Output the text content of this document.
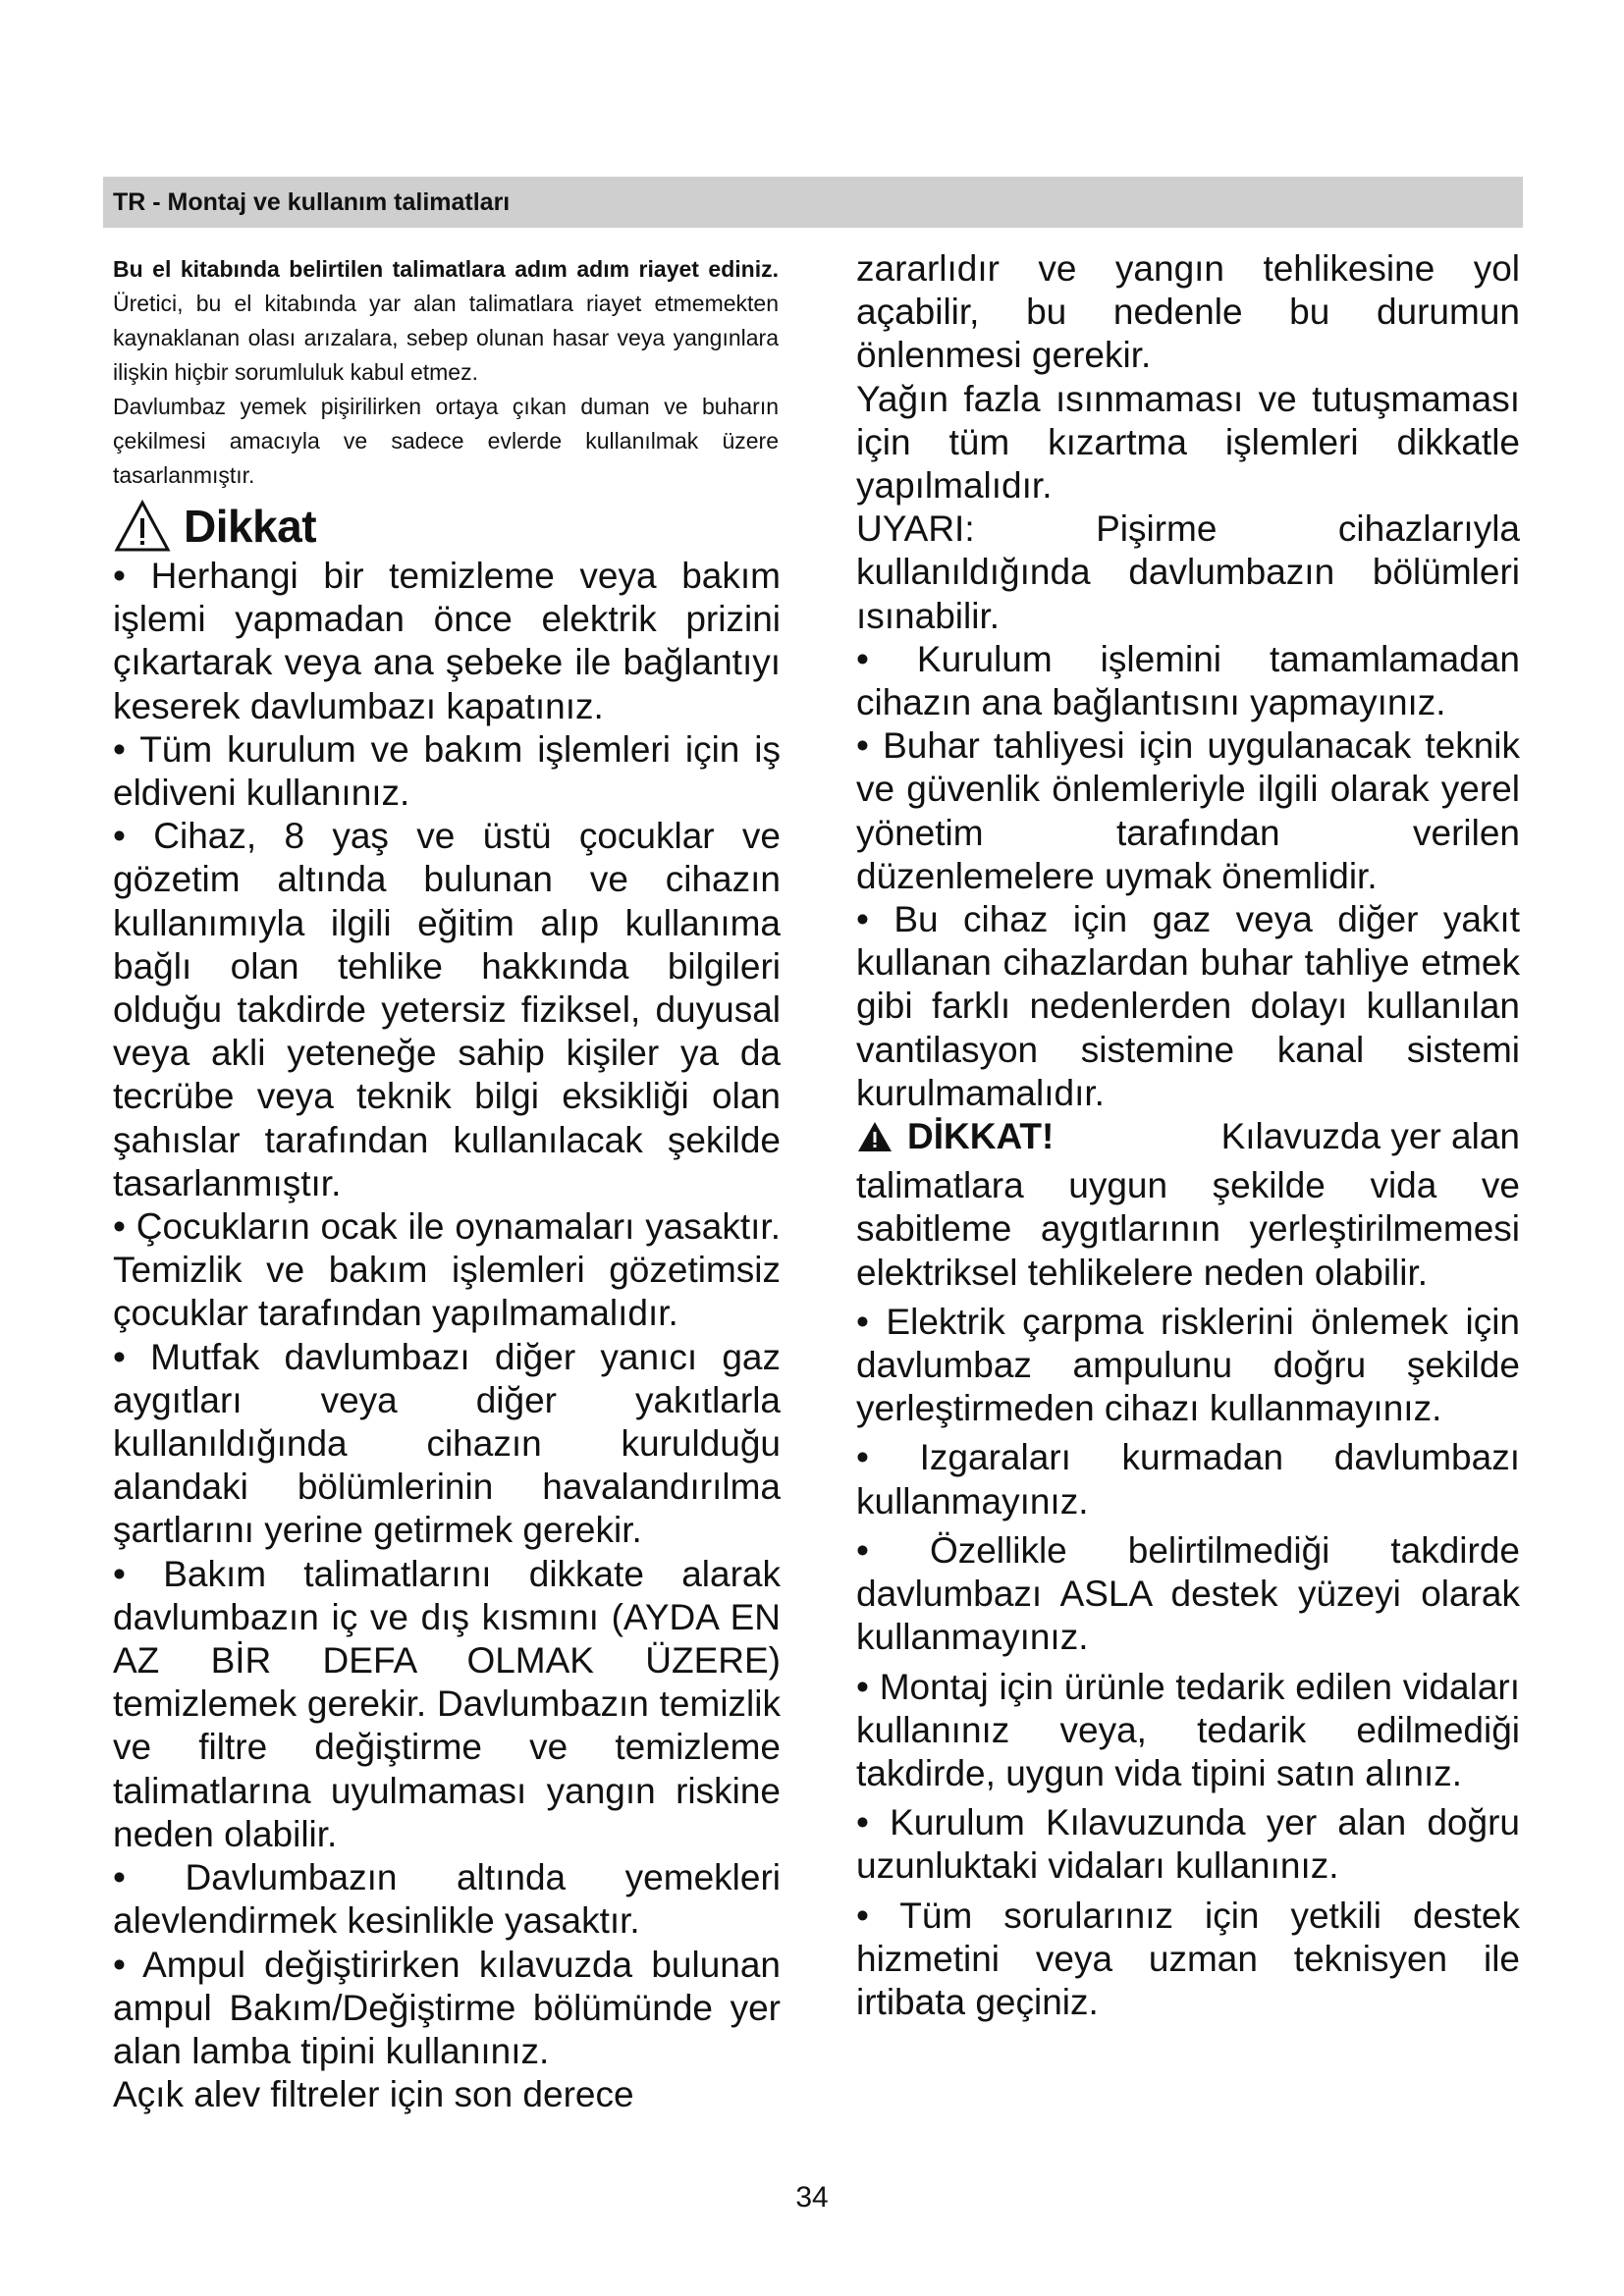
TR - Montaj ve kullanım talimatları

Bu el kitabında belirtilen talimatlara adım adım riayet ediniz. Üretici, bu el kitabında yar alan talimatlara riayet etmemekten kaynaklanan olası arızalara, sebep olunan hasar veya yangınlara ilişkin hiçbir sorumluluk kabul etmez.

Davlumbaz yemek pişirilirken ortaya çıkan duman ve buharın çekilmesi amacıyla ve sadece evlerde kullanılmak üzere tasarlanmıştır.

Dikkat

• Herhangi bir temizleme veya bakım işlemi yapmadan önce elektrik prizini çıkartarak veya ana şebeke ile bağlantıyı keserek davlumbazı kapatınız.

• Tüm kurulum ve bakım işlemleri için iş eldiveni kullanınız.

• Cihaz, 8 yaş ve üstü çocuklar ve gözetim altında bulunan ve cihazın kullanımıyla ilgili eğitim alıp kullanıma bağlı olan tehlike hakkında bilgileri olduğu takdirde yetersiz fiziksel, duyusal veya akli yeteneğe sahip kişiler ya da tecrübe veya teknik bilgi eksikliği olan şahıslar tarafından kullanılacak şekilde tasarlanmıştır.

• Çocukların ocak ile oynamaları yasaktır. Temizlik ve bakım işlemleri gözetimsiz çocuklar tarafından yapılmamalıdır.

• Mutfak davlumbazı diğer yanıcı gaz aygıtları veya diğer yakıtlarla kullanıldığında cihazın kurulduğu alandaki bölümlerinin havalandırılma şartlarını yerine getirmek gerekir.

• Bakım talimatlarını dikkate alarak davlumbazın iç ve dış kısmını (AYDA EN AZ BİR DEFA OLMAK ÜZERE) temizlemek gerekir. Davlumbazın temizlik ve filtre değiştirme ve temizleme talimatlarına uyulmaması yangın riskine neden olabilir.

• Davlumbazın altında yemekleri alevlendirmek kesinlikle yasaktır.

• Ampul değiştirirken kılavuzda bulunan ampul Bakım/Değiştirme bölümünde yer alan lamba tipini kullanınız.

Açık alev filtreler için son derece

zararlıdır ve yangın tehlikesine yol açabilir, bu nedenle bu durumun önlenmesi gerekir.

Yağın fazla ısınmaması ve tutuşmaması için tüm kızartma işlemleri dikkatle yapılmalıdır.

UYARI: Pişirme cihazlarıyla kullanıldığında davlumbazın bölümleri ısınabilir.

• Kurulum işlemini tamamlamadan cihazın ana bağlantısını yapmayınız.

• Buhar tahliyesi için uygulanacak teknik ve güvenlik önlemleriyle ilgili olarak yerel yönetim tarafından verilen düzenlemelere uymak önemlidir.

• Bu cihaz için gaz veya diğer yakıt kullanan cihazlardan buhar tahliye etmek gibi farklı nedenlerden dolayı kullanılan vantilasyon sistemine kanal sistemi kurulmamalıdır.

DİKKAT!	Kılavuzda yer alan

talimatlara uygun şekilde vida ve sabitleme aygıtlarının yerleştirilmemesi elektriksel tehlikelere neden olabilir.

• Elektrik çarpma risklerini önlemek için davlumbaz ampulunu doğru şekilde yerleştirmeden cihazı kullanmayınız.

• Izgaraları kurmadan davlumbazı kullanmayınız.

• Özellikle belirtilmediği takdirde davlumbazı ASLA destek yüzeyi olarak kullanmayınız.

• Montaj için ürünle tedarik edilen vidaları kullanınız veya, tedarik edilmediği takdirde, uygun vida tipini satın alınız.

• Kurulum Kılavuzunda yer alan doğru uzunluktaki vidaları kullanınız.

• Tüm sorularınız için yetkili destek hizmetini veya uzman teknisyen ile irtibata geçiniz.

34
